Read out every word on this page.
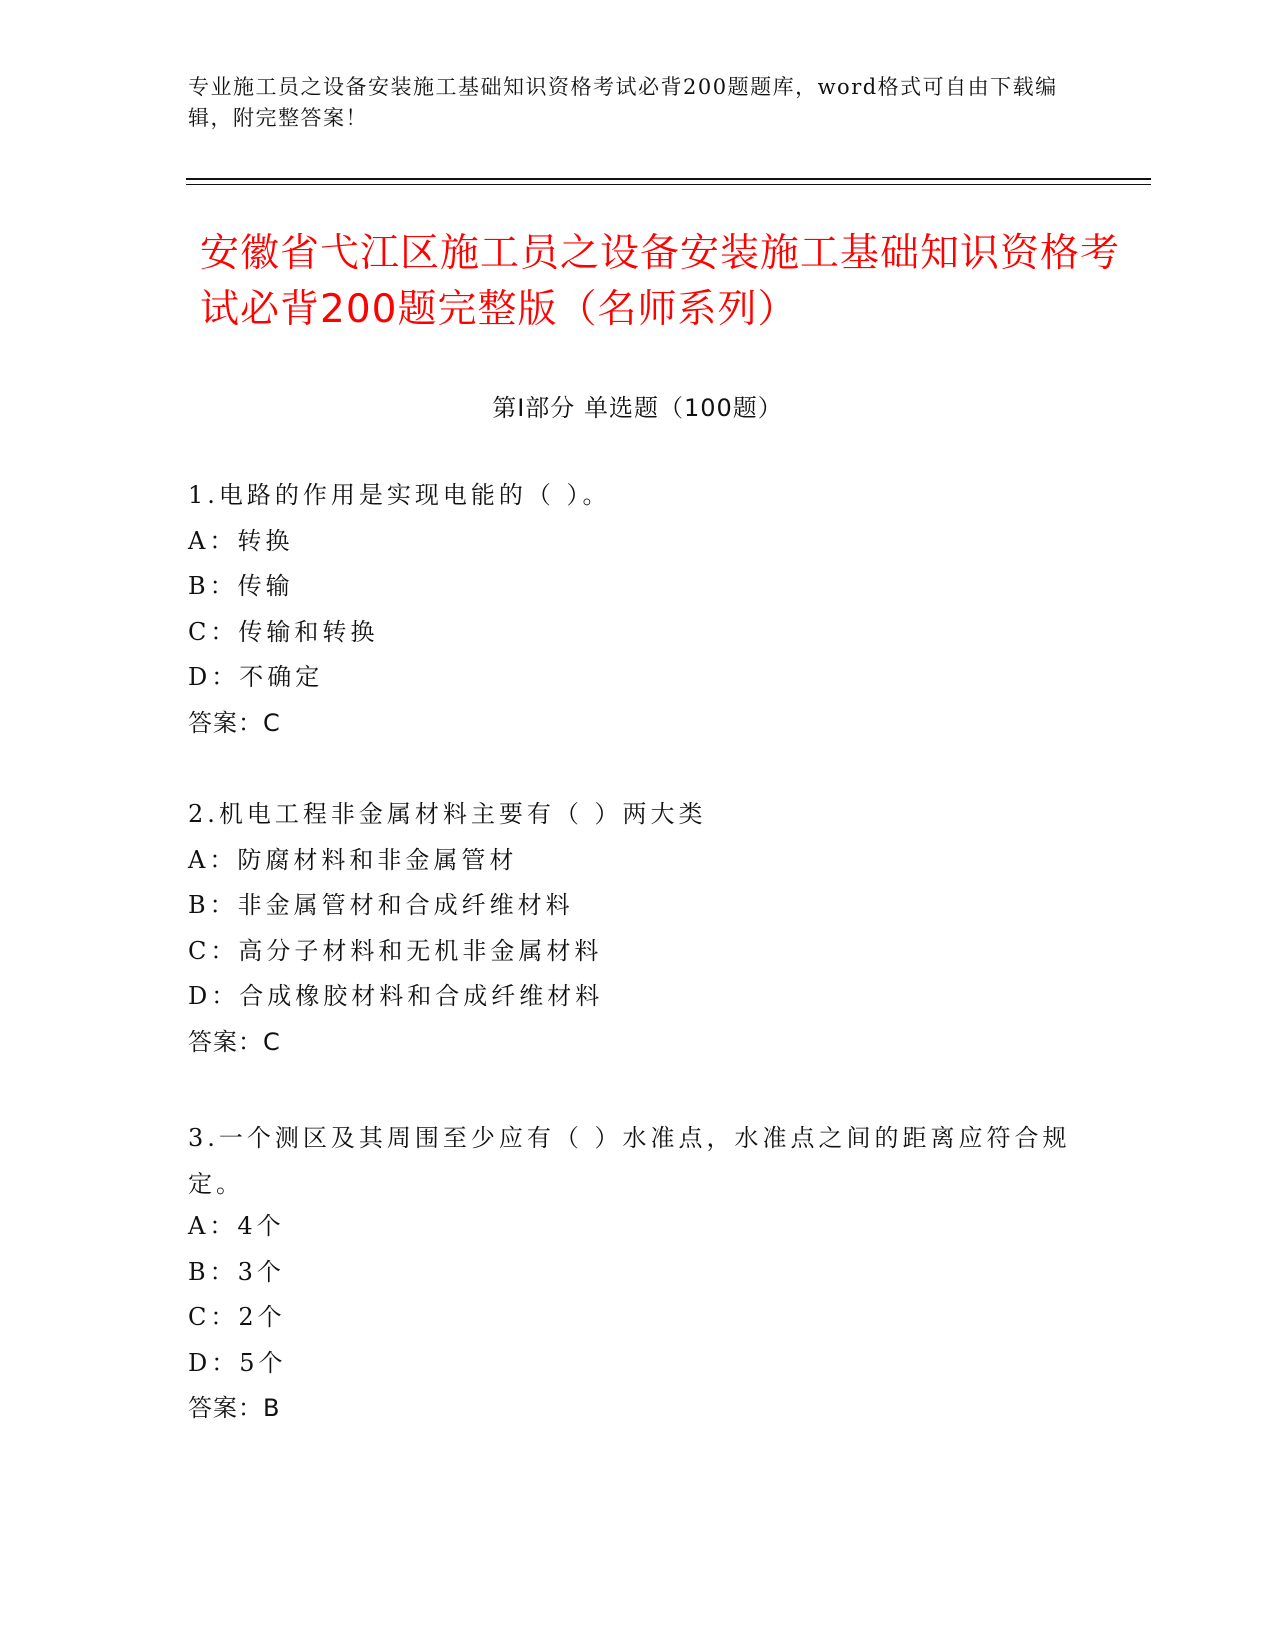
专业施工员之设备安装施工基础知识资格考试必背200题题库，word格式可自由下载编辑，附完整答案！
安徽省弋江区施工员之设备安装施工基础知识资格考试必背200题完整版（名师系列）
第Ⅰ部分 单选题（100题）
1.电路的作用是实现电能的（ ）。
A：转换
B：传输
C：传输和转换
D：不确定
答案：C
2.机电工程非金属材料主要有（ ）两大类
A：防腐材料和非金属管材
B：非金属管材和合成纤维材料
C：高分子材料和无机非金属材料
D：合成橡胶材料和合成纤维材料
答案：C
3.一个测区及其周围至少应有（ ）水准点，水准点之间的距离应符合规定。
A：4个
B：3个
C：2个
D：5个
答案：B
